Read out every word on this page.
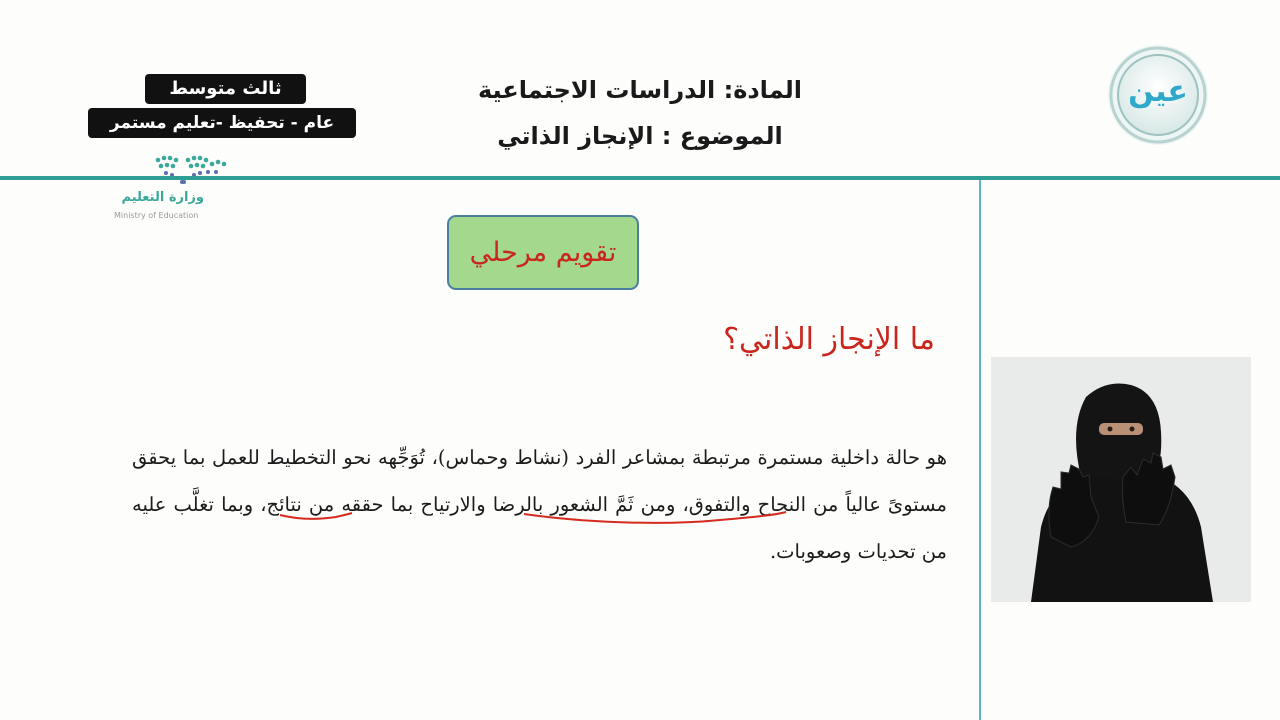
ثالث متوسط
عام - تحفيظ -تعليم مستمر
وزارة التعليم
Ministry of Education
المادة: الدراسات الاجتماعية
الموضوع : الإنجاز الذاتي
عين
تقويم مرحلي
ما الإنجاز الذاتي؟
هو حالة داخلية مستمرة مرتبطة بمشاعر الفرد (نشاط وحماس)، تُوَجِّهه نحو التخطيط للعمل بما يحقق مستوىً عالياً من النجاح والتفوق، ومن ثَمَّ الشعور بالرضا والارتياح بما حققه من نتائج، وبما تغلَّب عليه من تحديات وصعوبات.
